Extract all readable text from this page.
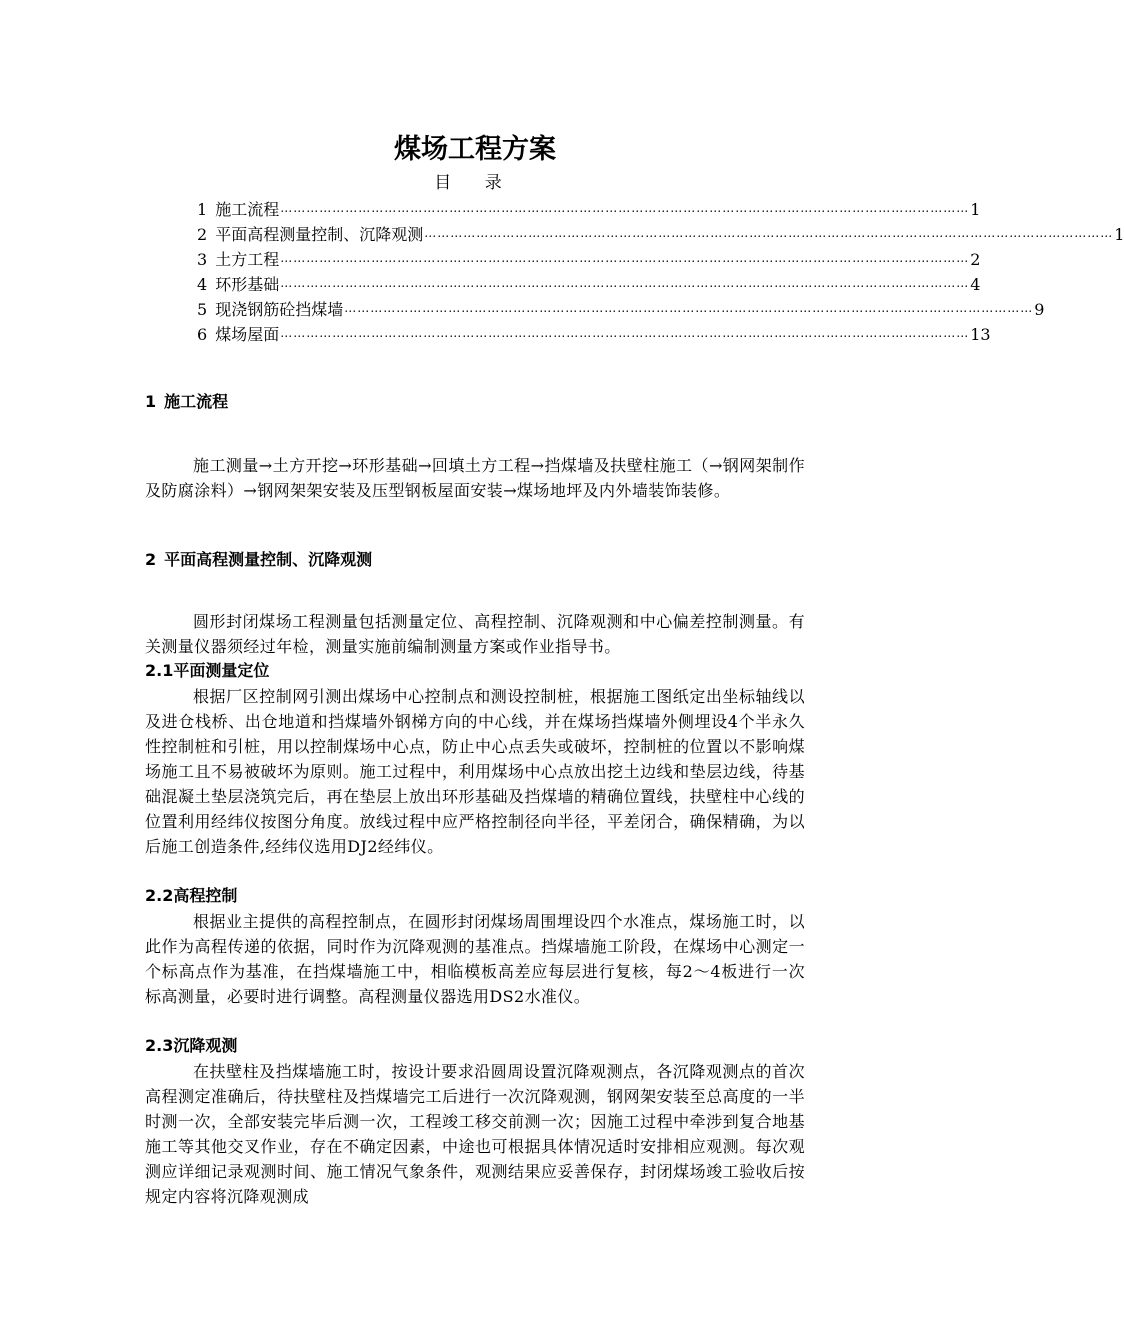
煤场工程方案
目 录
1 施工流程 …………………………………………………………………………………………………………………………………………… 1
2 平面高程测量控制、沉降观测 …………………………………………………………………………………………………………………………………………… 1
3 土方工程 …………………………………………………………………………………………………………………………………………… 2
4 环形基础 …………………………………………………………………………………………………………………………………………… 4
5 现浇钢筋砼挡煤墙 …………………………………………………………………………………………………………………………………………… 9
6 煤场屋面 …………………………………………………………………………………………………………………………………………… 13
1 施工流程

施工测量→土方开挖→环形基础→回填土方工程→挡煤墙及扶壁柱施工（→钢网架制作及防腐涂料）→钢网架架安装及压型钢板屋面安装→煤场地坪及内外墙装饰装修。

2 平面高程测量控制、沉降观测

圆形封闭煤场工程测量包括测量定位、高程控制、沉降观测和中心偏差控制测量。有关测量仪器须经过年检，测量实施前编制测量方案或作业指导书。

2.1平面测量定位

根据厂区控制网引测出煤场中心控制点和测设控制桩，根据施工图纸定出坐标轴线以及进仓栈桥、出仓地道和挡煤墙外钢梯方向的中心线，并在煤场挡煤墙外侧埋设4个半永久性控制桩和引桩，用以控制煤场中心点，防止中心点丢失或破坏，控制桩的位置以不影响煤场施工且不易被破坏为原则。施工过程中，利用煤场中心点放出挖土边线和垫层边线，待基础混凝土垫层浇筑完后，再在垫层上放出环形基础及挡煤墙的精确位置线，扶壁柱中心线的位置利用经纬仪按图分角度。放线过程中应严格控制径向半径，平差闭合，确保精确，为以后施工创造条件,经纬仪选用DJ2经纬仪。

2.2高程控制

根据业主提供的高程控制点，在圆形封闭煤场周围埋设四个水准点，煤场施工时，以此作为高程传递的依据，同时作为沉降观测的基准点。挡煤墙施工阶段，在煤场中心测定一个标高点作为基准，在挡煤墙施工中，相临模板高差应每层进行复核，每2～4板进行一次标高测量，必要时进行调整。高程测量仪器选用DS2水准仪。

2.3沉降观测

在扶壁柱及挡煤墙施工时，按设计要求沿圆周设置沉降观测点，各沉降观测点的首次高程测定准确后，待扶壁柱及挡煤墙完工后进行一次沉降观测，钢网架安装至总高度的一半时测一次，全部安装完毕后测一次，工程竣工移交前测一次；因施工过程中牵涉到复合地基施工等其他交叉作业，存在不确定因素，中途也可根据具体情况适时安排相应观测。每次观测应详细记录观测时间、施工情况气象条件，观测结果应妥善保存，封闭煤场竣工验收后按规定内容将沉降观测成
